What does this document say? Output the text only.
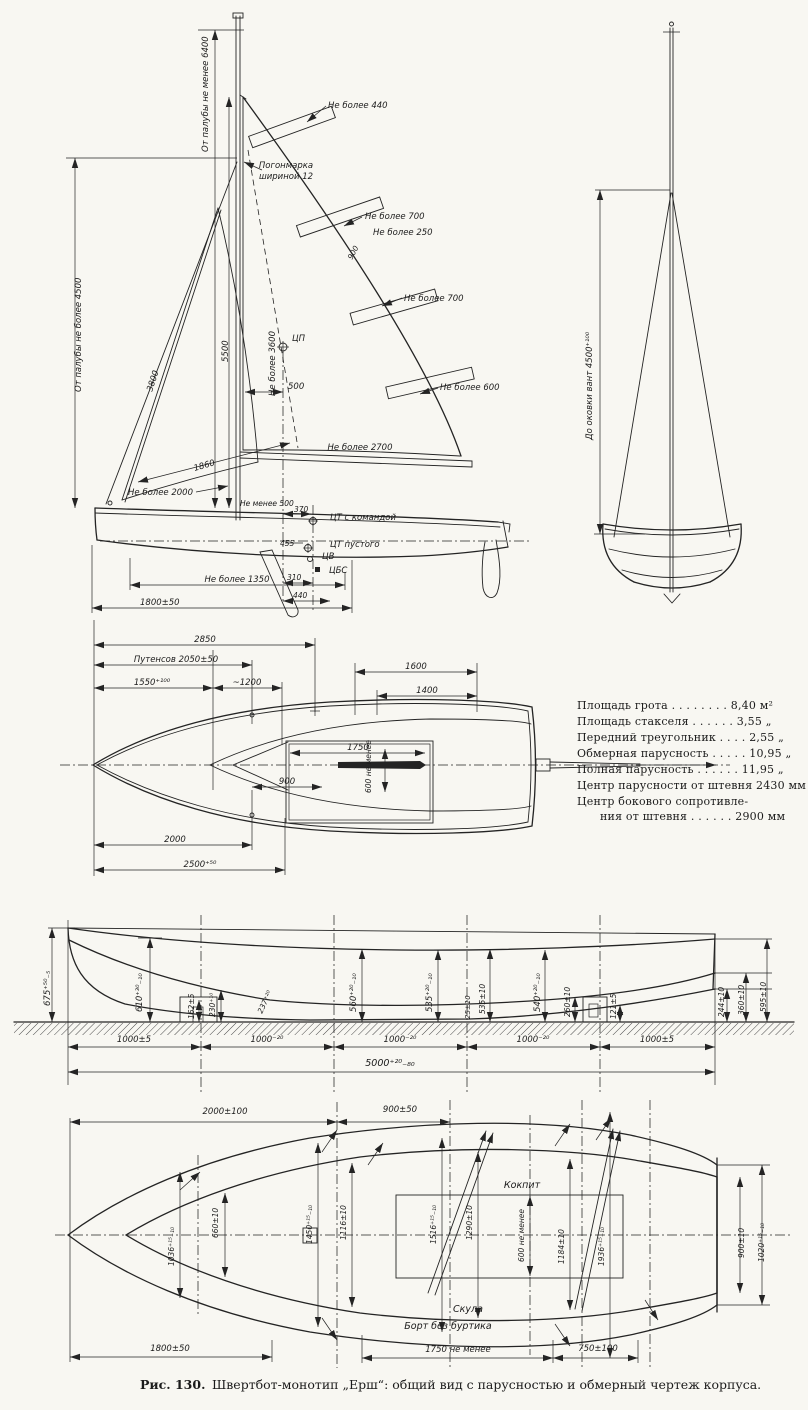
От палубы не менее 6400
От палубы не более 4500	5500
Не более 440
Погонмарка
шириной 12
Не более 700
Не более 250
900
Не более 700
Не более 600
ЦП
Не более 3600 500
3800
1860
Не более 2000
Не более 2700
Не менее 500
370
ЦТ с командой
455	ЦТ пустого
ЦВ
ЦБС
310
440
Не более 1350
1800±50
До оковки вант 4500⁺¹⁰⁰
2850
Путенсов 2050±50
1550⁺¹⁰⁰	~1200
1600
1400
1750
600 не менее
900
2000
2500⁺⁵⁰
Площадь грота . . . . . . . . 8,40 м²
Площадь стакселя . . . . . . 3,55 „
Передний треугольник . . . . 2,55 „
Обмерная парусность . . . . . 10,95 „
Полная парусность . . . . . . 11,95 „
Центр парусности от штевня 2430 мм
Центр бокового сопротивле-
ния от штевня . . . . . . 2900 мм
675⁺⁵⁰₋₅	610⁺³⁰₋₁₀	162±5 230⁺¹⁰	237⁺²⁰	560⁺²⁰₋₁₀	535⁺²⁰₋₁₀	25±10 535±10	540⁺²⁰₋₁₀	260±10	121±5	244±10 360±10 595±10
1000±5	1000⁻²⁰	1000⁻²⁰	1000⁻²⁰	1000±5
5000⁺²⁰₋₈₀
2000±100	900±50
1036⁺¹⁵₋₁₀
660±10	1450⁺¹⁵₋₁₀	1116±10	1516⁺¹⁵₋₁₀	1290±10
Кокпит
600 не менее	1184±10	1936⁺¹⁵₋₁₀	900±10 1020⁺¹⁵₋₁₀
Скула
Борт без буртика
1800±50	1750 не менее	750±100
Рис. 130. Швертбот-монотип „Ерш“: общий вид с парусностью и обмерный чертеж корпуса.
